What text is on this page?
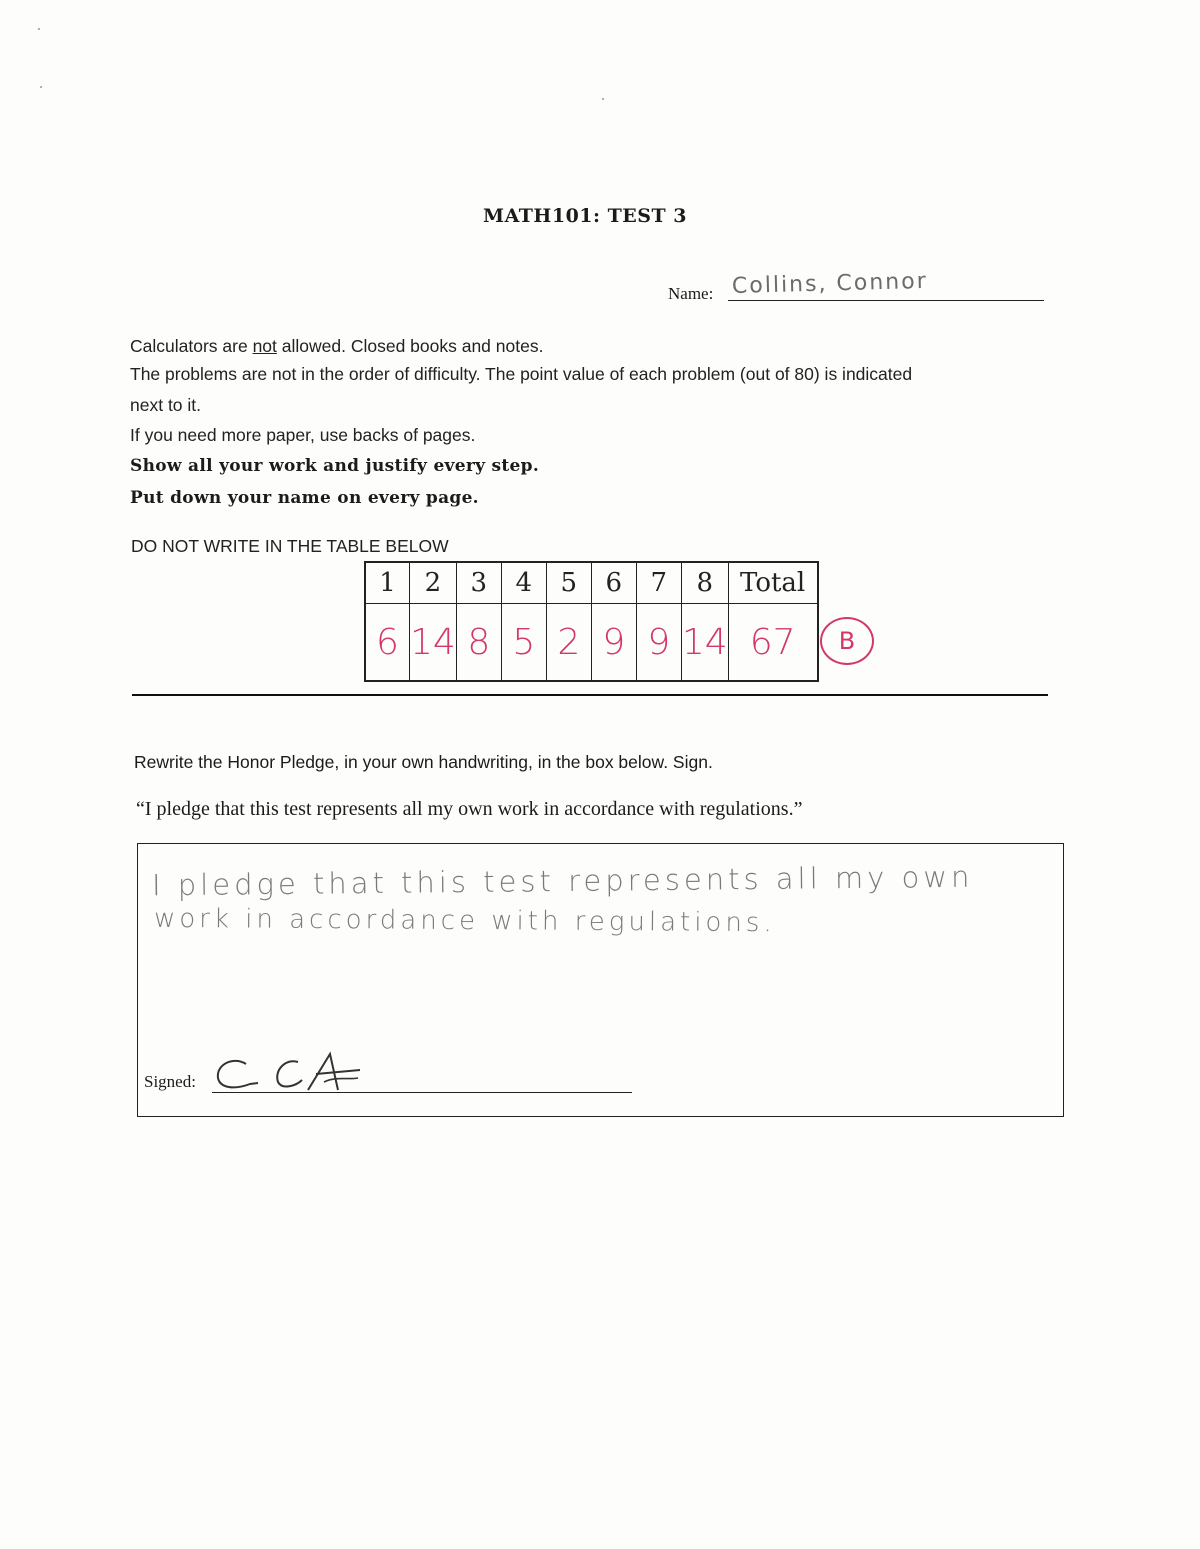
MATH101: TEST 3
Name: Collins, Connor
Calculators are not allowed. Closed books and notes.
The problems are not in the order of difficulty. The point value of each problem (out of 80) is indicated
next to it.
If you need more paper, use backs of pages.
Show all your work and justify every step.
Put down your name on every page.
DO NOT WRITE IN THE TABLE BELOW
1	2	3	4	5	6	7	8	Total
6	14	8	5	2	9	9	14	67	B
Rewrite the Honor Pledge, in your own handwriting, in the box below. Sign.
“I pledge that this test represents all my own work in accordance with regulations.”
I pledge that this test represents all my own
work in accordance with regulations.
Signed:
